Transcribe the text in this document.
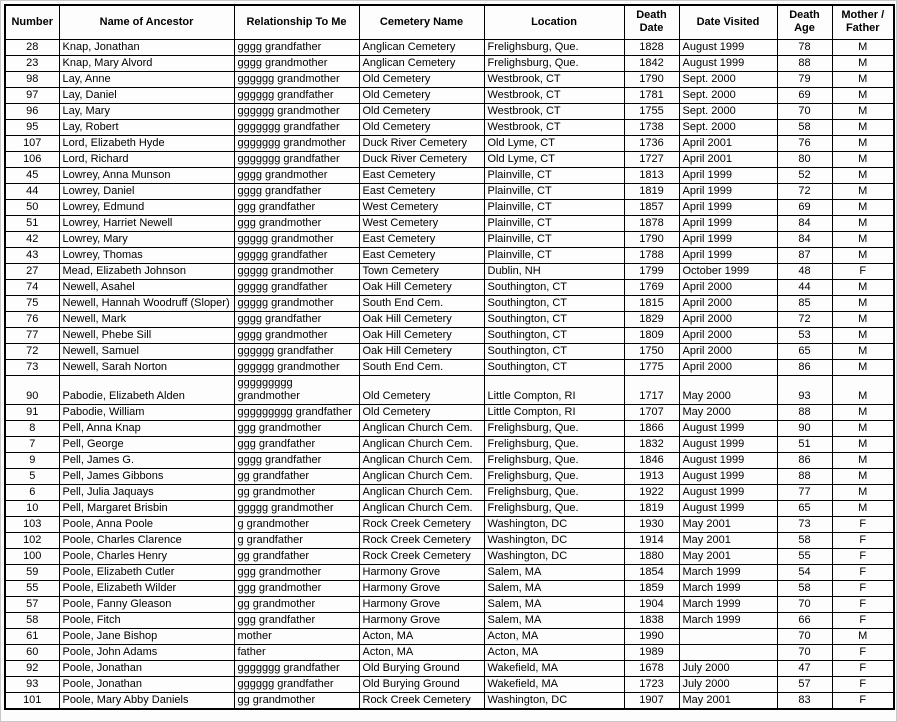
Number	Name of Ancestor	Relationship To Me	Cemetery Name	Location	Death Date	Date Visited	Death Age	Mother / Father
28	Knap, Jonathan	gggg grandfather	Anglican Cemetery	Frelighsburg, Que.	1828	August 1999	78	M
23	Knap, Mary Alvord	gggg grandmother	Anglican Cemetery	Frelighsburg, Que.	1842	August 1999	88	M
98	Lay, Anne	gggggg grandmother	Old Cemetery	Westbrook, CT	1790	Sept. 2000	79	M
97	Lay, Daniel	gggggg grandfather	Old Cemetery	Westbrook, CT	1781	Sept. 2000	69	M
96	Lay, Mary	gggggg grandmother	Old Cemetery	Westbrook, CT	1755	Sept. 2000	70	M
95	Lay, Robert	ggggggg grandfather	Old Cemetery	Westbrook, CT	1738	Sept. 2000	58	M
107	Lord, Elizabeth Hyde	ggggggg grandmother	Duck River Cemetery	Old Lyme, CT	1736	April 2001	76	M
106	Lord, Richard	ggggggg grandfather	Duck River Cemetery	Old Lyme, CT	1727	April 2001	80	M
45	Lowrey, Anna Munson	gggg grandmother	East Cemetery	Plainville, CT	1813	April 1999	52	M
44	Lowrey, Daniel	gggg grandfather	East Cemetery	Plainville, CT	1819	April 1999	72	M
50	Lowrey, Edmund	ggg grandfather	West Cemetery	Plainville, CT	1857	April 1999	69	M
51	Lowrey, Harriet Newell	ggg grandmother	West Cemetery	Plainville, CT	1878	April 1999	84	M
42	Lowrey, Mary	ggggg grandmother	East Cemetery	Plainville, CT	1790	April 1999	84	M
43	Lowrey, Thomas	ggggg grandfather	East Cemetery	Plainville, CT	1788	April 1999	87	M
27	Mead, Elizabeth Johnson	ggggg grandmother	Town Cemetery	Dublin, NH	1799	October 1999	48	F
74	Newell, Asahel	ggggg grandfather	Oak Hill Cemetery	Southington, CT	1769	April 2000	44	M
75	Newell, Hannah Woodruff (Sloper)	ggggg grandmother	South End Cem.	Southington, CT	1815	April 2000	85	M
76	Newell, Mark	gggg grandfather	Oak Hill Cemetery	Southington, CT	1829	April 2000	72	M
77	Newell, Phebe Sill	gggg grandmother	Oak Hill Cemetery	Southington, CT	1809	April 2000	53	M
72	Newell, Samuel	gggggg grandfather	Oak Hill Cemetery	Southington, CT	1750	April 2000	65	M
73	Newell, Sarah Norton	gggggg grandmother	South End Cem.	Southington, CT	1775	April 2000	86	M
90	Pabodie, Elizabeth Alden	ggggggggg grandmother	Old Cemetery	Little Compton, RI	1717	May 2000	93	M
91	Pabodie, William	ggggggggg grandfather	Old Cemetery	Little Compton, RI	1707	May 2000	88	M
8	Pell, Anna Knap	ggg grandmother	Anglican Church Cem.	Frelighsburg, Que.	1866	August 1999	90	M
7	Pell, George	ggg grandfather	Anglican Church Cem.	Frelighsburg, Que.	1832	August 1999	51	M
9	Pell, James G.	gggg grandfather	Anglican Church Cem.	Frelighsburg, Que.	1846	August 1999	86	M
5	Pell, James Gibbons	gg grandfather	Anglican Church Cem.	Frelighsburg, Que.	1913	August 1999	88	M
6	Pell, Julia Jaquays	gg grandmother	Anglican Church Cem.	Frelighsburg, Que.	1922	August 1999	77	M
10	Pell, Margaret Brisbin	ggggg grandmother	Anglican Church Cem.	Frelighsburg, Que.	1819	August 1999	65	M
103	Poole, Anna Poole	g grandmother	Rock Creek Cemetery	Washington, DC	1930	May 2001	73	F
102	Poole, Charles Clarence	g grandfather	Rock Creek Cemetery	Washington, DC	1914	May 2001	58	F
100	Poole, Charles Henry	gg grandfather	Rock Creek Cemetery	Washington, DC	1880	May 2001	55	F
59	Poole, Elizabeth Cutler	ggg grandmother	Harmony Grove	Salem, MA	1854	March 1999	54	F
55	Poole, Elizabeth Wilder	ggg grandmother	Harmony Grove	Salem, MA	1859	March 1999	58	F
57	Poole, Fanny Gleason	gg grandmother	Harmony Grove	Salem, MA	1904	March 1999	70	F
58	Poole, Fitch	ggg grandfather	Harmony Grove	Salem, MA	1838	March 1999	66	F
61	Poole, Jane Bishop	mother	Acton, MA	Acton, MA	1990		70	M
60	Poole, John Adams	father	Acton, MA	Acton, MA	1989		70	F
92	Poole, Jonathan	ggggggg grandfather	Old Burying Ground	Wakefield, MA	1678	July 2000	47	F
93	Poole, Jonathan	gggggg grandfather	Old Burying Ground	Wakefield, MA	1723	July 2000	57	F
101	Poole, Mary Abby Daniels	gg grandmother	Rock Creek Cemetery	Washington, DC	1907	May 2001	83	F
